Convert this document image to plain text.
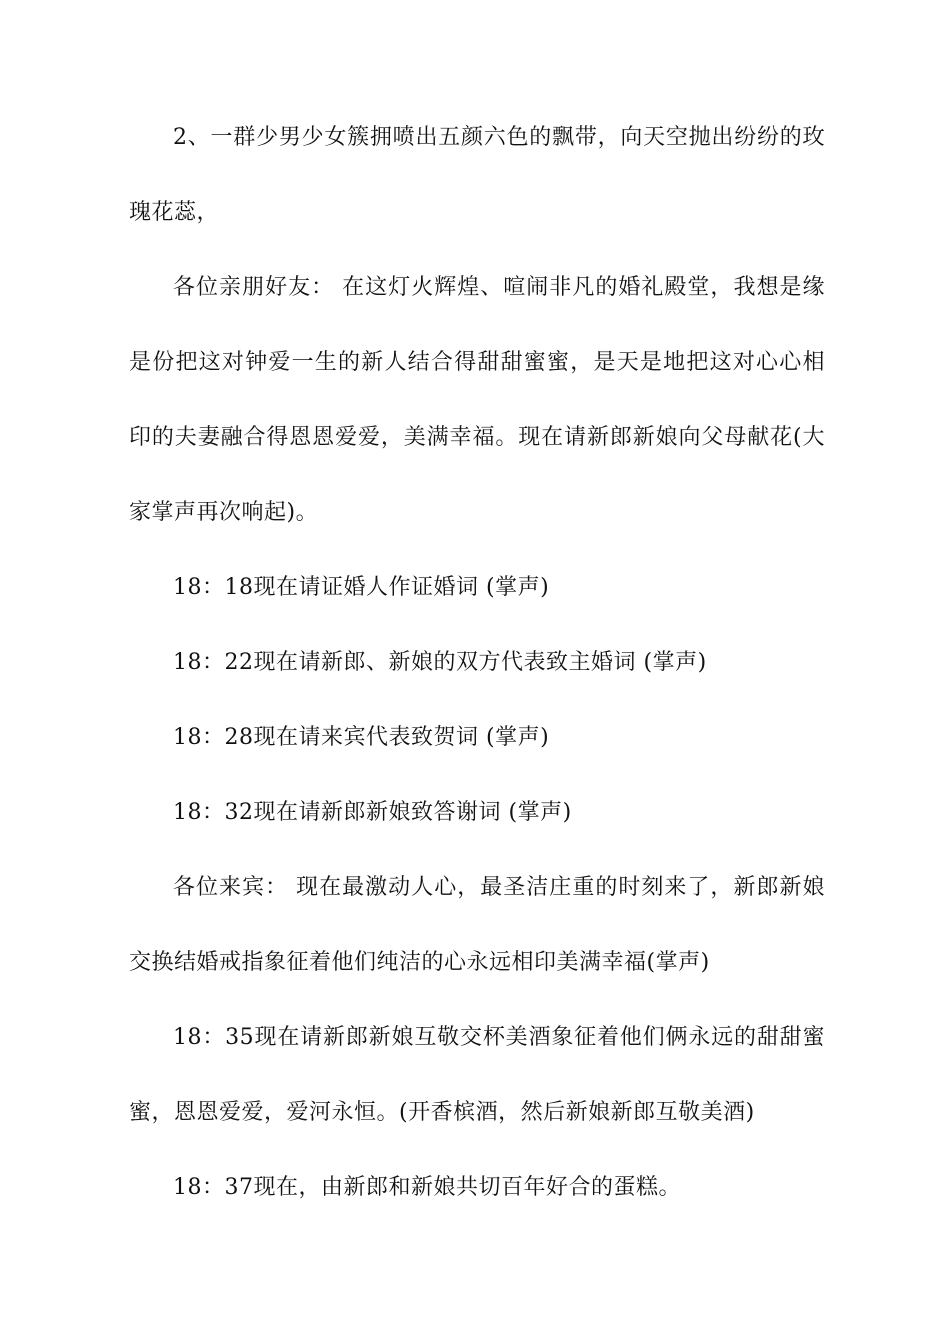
2、一群少男少女簇拥喷出五颜六色的飘带，向天空抛出纷纷的玫瑰花蕊，

各位亲朋好友： 在这灯火辉煌、喧闹非凡的婚礼殿堂，我想是缘是份把这对钟爱一生的新人结合得甜甜蜜蜜，是天是地把这对心心相印的夫妻融合得恩恩爱爱，美满幸福。现在请新郎新娘向父母献花(大家掌声再次响起)。

18：18现在请证婚人作证婚词 (掌声)

18：22现在请新郎、新娘的双方代表致主婚词 (掌声)

18：28现在请来宾代表致贺词 (掌声)

18：32现在请新郎新娘致答谢词 (掌声)

各位来宾： 现在最激动人心，最圣洁庄重的时刻来了，新郎新娘交换结婚戒指象征着他们纯洁的心永远相印美满幸福(掌声)

18：35现在请新郎新娘互敬交杯美酒象征着他们俩永远的甜甜蜜蜜，恩恩爱爱，爱河永恒。(开香槟酒，然后新娘新郎互敬美酒)

18：37现在，由新郎和新娘共切百年好合的蛋糕。
